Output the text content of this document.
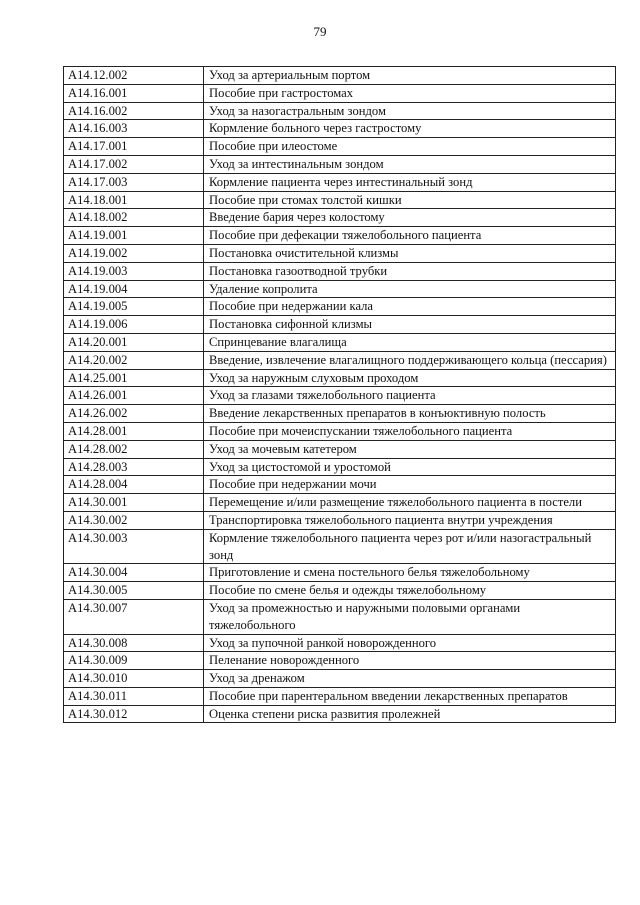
79
A14.12.002	Уход за артериальным портом
A14.16.001	Пособие при гастростомах
A14.16.002	Уход за назогастральным зондом
A14.16.003	Кормление больного через гастростому
A14.17.001	Пособие при илеостоме
A14.17.002	Уход за интестинальным зондом
A14.17.003	Кормление пациента через интестинальный зонд
A14.18.001	Пособие при стомах толстой кишки
A14.18.002	Введение бария через колостому
A14.19.001	Пособие при дефекации тяжелобольного пациента
A14.19.002	Постановка очистительной клизмы
A14.19.003	Постановка газоотводной трубки
A14.19.004	Удаление копролита
A14.19.005	Пособие при недержании кала
A14.19.006	Постановка сифонной клизмы
A14.20.001	Спринцевание влагалища
A14.20.002	Введение, извлечение влагалищного поддерживающего кольца (пессария)
A14.25.001	Уход за наружным слуховым проходом
A14.26.001	Уход за глазами тяжелобольного пациента
A14.26.002	Введение лекарственных препаратов в конъюктивную полость
A14.28.001	Пособие при мочеиспускании тяжелобольного пациента
A14.28.002	Уход за мочевым катетером
A14.28.003	Уход за цистостомой и уростомой
A14.28.004	Пособие при недержании мочи
A14.30.001	Перемещение и/или размещение тяжелобольного пациента в постели
A14.30.002	Транспортировка тяжелобольного пациента внутри учреждения
A14.30.003	Кормление тяжелобольного пациента через рот и/или назогастральный зонд
A14.30.004	Приготовление и смена постельного белья тяжелобольному
A14.30.005	Пособие по смене белья и одежды тяжелобольному
A14.30.007	Уход за промежностью и наружными половыми органами тяжелобольного
A14.30.008	Уход за пупочной ранкой новорожденного
A14.30.009	Пеленание новорожденного
A14.30.010	Уход за дренажом
A14.30.011	Пособие при парентеральном введении лекарственных препаратов
A14.30.012	Оценка степени риска развития пролежней
